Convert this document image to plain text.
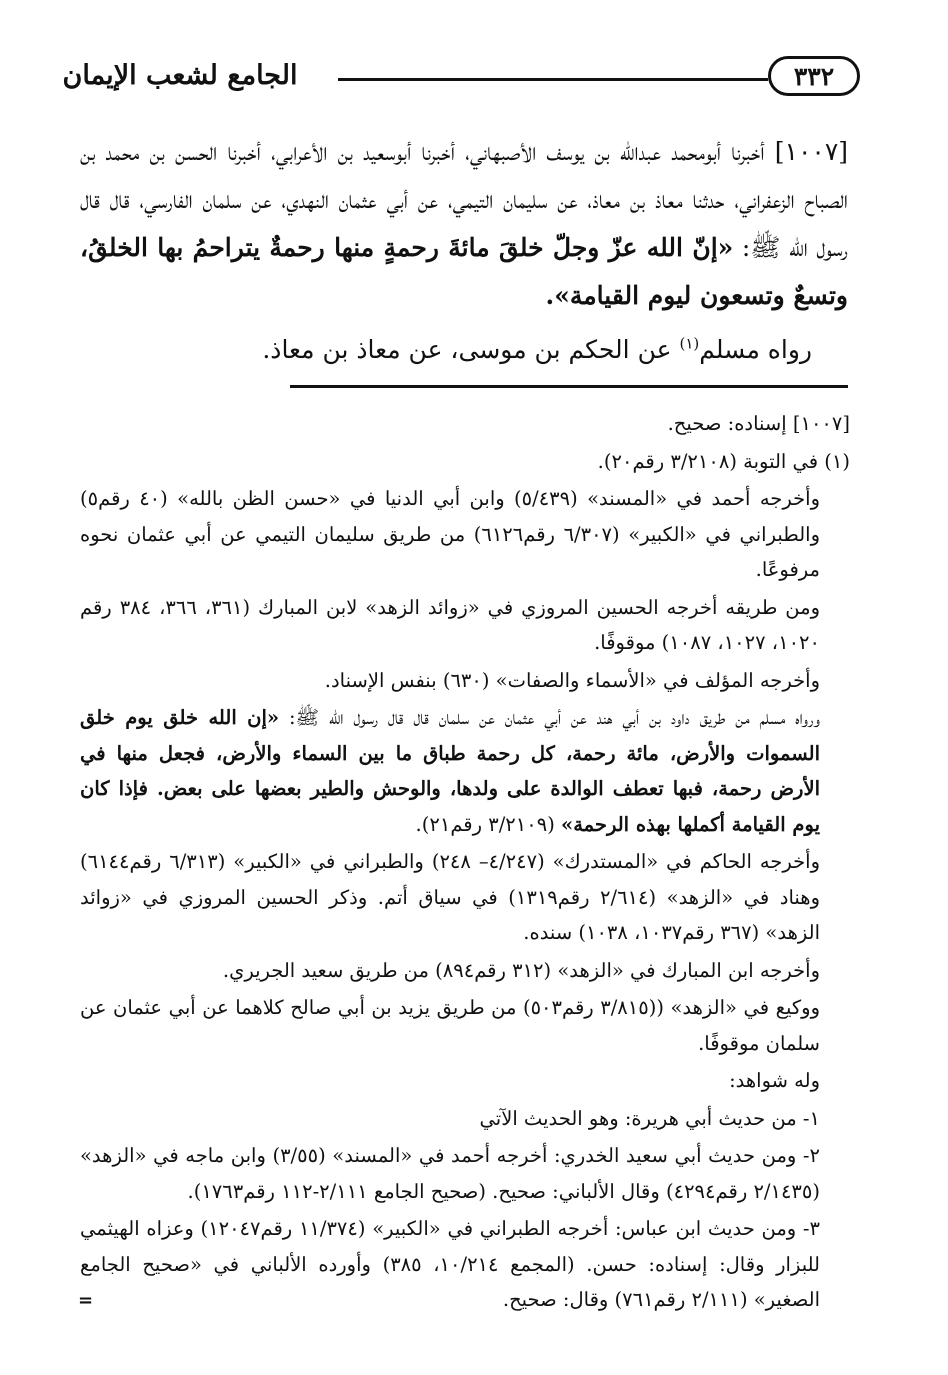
٣٣٢
الجامع لشعب الإيمان

[١٠٠٧] أخبرنا أبومحمد عبدالله بن يوسف الأصبهاني، أخبرنا أبوسعيد بن الأعرابي، أخبرنا الحسن بن محمد بن الصباح الزعفراني، حدثنا معاذ بن معاذ، عن سليمان التيمي، عن أبي عثمان النهدي، عن سلمان الفارسي، قال قال رسول الله ﷺ: «إنّ الله عزّ وجلّ خلقَ مائةَ رحمةٍ منها رحمةٌ يتراحمُ بها الخلقُ، وتسعٌ وتسعون ليوم القيامة».

رواه مسلم$^{(١)}$ عن الحكم بن موسى، عن معاذ بن معاذ.

[١٠٠٧] إسناده: صحيح.

(١) في التوبة (٣/٢١٠٨ رقم٢٠).

وأخرجه أحمد في «المسند» (٥/٤٣٩) وابن أبي الدنيا في «حسن الظن بالله» (٤٠ رقم٥) والطبراني في «الكبير» (٦/٣٠٧ رقم٦١٢٦) من طريق سليمان التيمي عن أبي عثمان نحوه مرفوعًا.

ومن طريقه أخرجه الحسين المروزي في «زوائد الزهد» لابن المبارك (٣٦١، ٣٦٦، ٣٨٤ رقم ١٠٢٠، ١٠٢٧، ١٠٨٧) موقوفًا.

وأخرجه المؤلف في «الأسماء والصفات» (٦٣٠) بنفس الإسناد.

ورواه مسلم من طريق داود بن أبي هند عن أبي عثمان عن سلمان قال قال رسول الله ﷺ: «إن الله خلق يوم خلق السموات والأرض، مائة رحمة، كل رحمة طباق ما بين السماء والأرض، فجعل منها في الأرض رحمة، فبها تعطف الوالدة على ولدها، والوحش والطير بعضها على بعض. فإذا كان يوم القيامة أكملها بهذه الرحمة» (٣/٢١٠٩ رقم٢١).

وأخرجه الحاكم في «المستدرك» (٤/٢٤٧– ٢٤٨) والطبراني في «الكبير» (٦/٣١٣ رقم٦١٤٤) وهناد في «الزهد» (٢/٦١٤ رقم١٣١٩) في سياق أتم. وذكر الحسين المروزي في «زوائد الزهد» (٣٦٧ رقم١٠٣٧، ١٠٣٨) سنده.

وأخرجه ابن المبارك في «الزهد» (٣١٢ رقم٨٩٤) من طريق سعيد الجريري.

ووكيع في «الزهد» ((٣/٨١٥ رقم٥٠٣) من طريق يزيد بن أبي صالح كلاهما عن أبي عثمان عن سلمان موقوفًا.

وله شواهد:

١- من حديث أبي هريرة: وهو الحديث الآتي

٢- ومن حديث أبي سعيد الخدري: أخرجه أحمد في «المسند» (٣/٥٥) وابن ماجه في «الزهد» (٢/١٤٣٥ رقم٤٢٩٤) وقال الألباني: صحيح. (صحيح الجامع ٢/١١١-١١٢ رقم١٧٦٣).

٣- ومن حديث ابن عباس: أخرجه الطبراني في «الكبير» (١١/٣٧٤ رقم١٢٠٤٧) وعزاه الهيثمي للبزار وقال: إسناده: حسن. (المجمع ١٠/٢١٤، ٣٨٥) وأورده الألباني في «صحيح الجامع الصغير» (٢/١١١ رقم٧٦١) وقال: صحيح.

=
